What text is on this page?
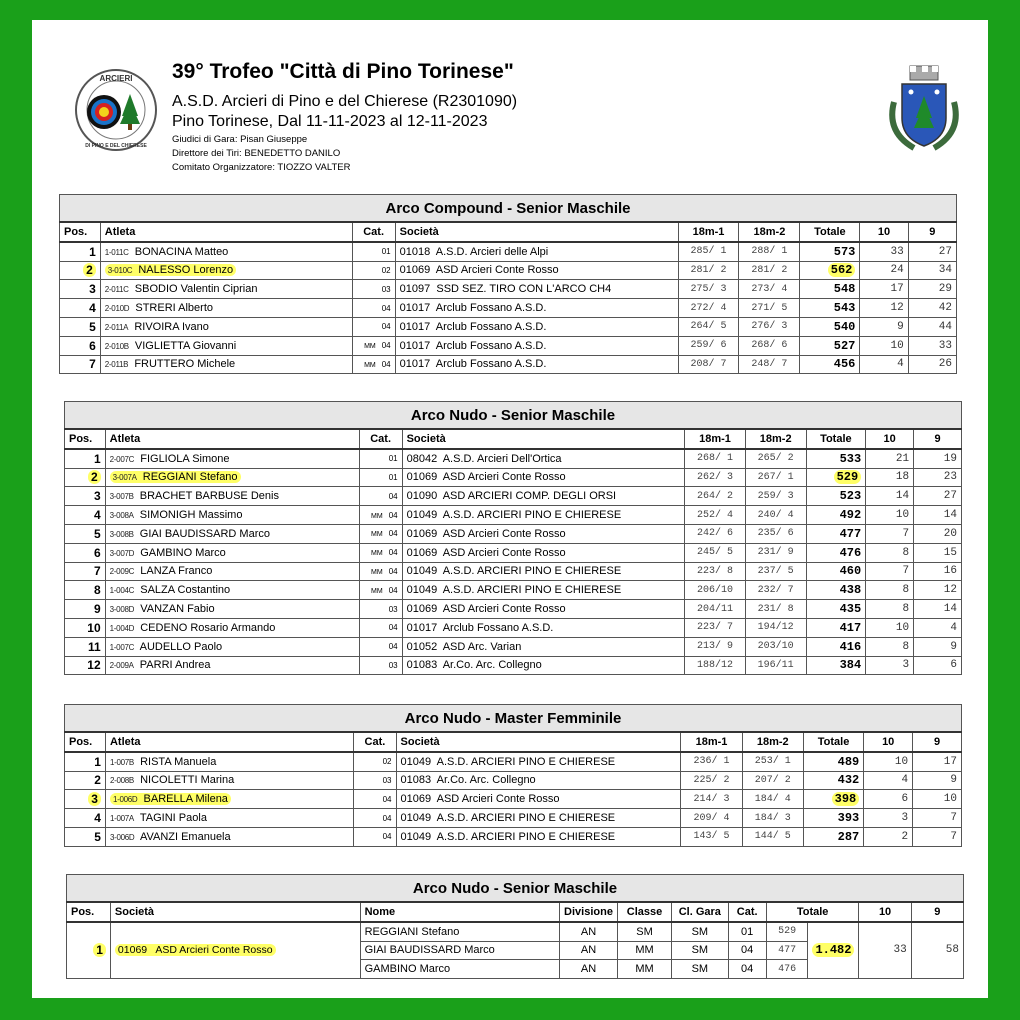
ARCIERI
DI PINO E DEL CHIERESE
39° Trofeo "Città di Pino Torinese"
A.S.D. Arcieri di Pino e del Chierese (R2301090)
Pino Torinese, Dal 11-11-2023 al 12-11-2023
Giudici di Gara: Pisan Giuseppe
Direttore dei Tiri: BENEDETTO DANILO
Comitato Organizzatore: TIOZZO VALTER
Arco Compound - Senior Maschile								
Pos.	Atleta	Cat.	Società	18m-1	18m-2	Totale	10	9
1	1-011C BONACINA Matteo	01	01018 A.S.D. Arcieri delle Alpi	285/ 1	288/ 1	573	33	27
2	3-010C NALESSO Lorenzo	02	01069 ASD Arcieri Conte Rosso	281/ 2	281/ 2	562	24	34
3	2-011C SBODIO Valentin Ciprian	03	01097 SSD SEZ. TIRO CON L'ARCO CH4	275/ 3	273/ 4	548	17	29
4	2-010D STRERI Alberto	04	01017 Arclub Fossano A.S.D.	272/ 4	271/ 5	543	12	42
5	2-011A RIVOIRA Ivano	04	01017 Arclub Fossano A.S.D.	264/ 5	276/ 3	540	9	44
6	2-010B VIGLIETTA Giovanni	MM 04	01017 Arclub Fossano A.S.D.	259/ 6	268/ 6	527	10	33
7	2-011B FRUTTERO Michele	MM 04	01017 Arclub Fossano A.S.D.	208/ 7	248/ 7	456	4	26
Arco Nudo - Senior Maschile								
Pos.	Atleta	Cat.	Società	18m-1	18m-2	Totale	10	9
1	2-007C FIGLIOLA Simone	01	08042 A.S.D. Arcieri Dell'Ortica	268/ 1	265/ 2	533	21	19
2	3-007A REGGIANI Stefano	01	01069 ASD Arcieri Conte Rosso	262/ 3	267/ 1	529	18	23
3	3-007B BRACHET BARBUSE Denis	04	01090 ASD ARCIERI COMP. DEGLI ORSI	264/ 2	259/ 3	523	14	27
4	3-008A SIMONIGH Massimo	MM 04	01049 A.S.D. ARCIERI PINO E CHIERESE	252/ 4	240/ 4	492	10	14
5	3-008B GIAI BAUDISSARD Marco	MM 04	01069 ASD Arcieri Conte Rosso	242/ 6	235/ 6	477	7	20
6	3-007D GAMBINO Marco	MM 04	01069 ASD Arcieri Conte Rosso	245/ 5	231/ 9	476	8	15
7	2-009C LANZA Franco	MM 04	01049 A.S.D. ARCIERI PINO E CHIERESE	223/ 8	237/ 5	460	7	16
8	1-004C SALZA Costantino	MM 04	01049 A.S.D. ARCIERI PINO E CHIERESE	206/10	232/ 7	438	8	12
9	3-008D VANZAN Fabio	03	01069 ASD Arcieri Conte Rosso	204/11	231/ 8	435	8	14
10	1-004D CEDENO Rosario Armando	04	01017 Arclub Fossano A.S.D.	223/ 7	194/12	417	10	4
11	1-007C AUDELLO Paolo	04	01052 ASD Arc. Varian	213/ 9	203/10	416	8	9
12	2-009A PARRI Andrea	03	01083 Ar.Co. Arc. Collegno	188/12	196/11	384	3	6
Arco Nudo - Master Femminile								
Pos.	Atleta	Cat.	Società	18m-1	18m-2	Totale	10	9
1	1-007B RISTA Manuela	02	01049 A.S.D. ARCIERI PINO E CHIERESE	236/ 1	253/ 1	489	10	17
2	2-008B NICOLETTI Marina	03	01083 Ar.Co. Arc. Collegno	225/ 2	207/ 2	432	4	9
3	1-006D BARELLA Milena	04	01069 ASD Arcieri Conte Rosso	214/ 3	184/ 4	398	6	10
4	1-007A TAGINI Paola	04	01049 A.S.D. ARCIERI PINO E CHIERESE	209/ 4	184/ 3	393	3	7
5	3-006D AVANZI Emanuela	04	01049 A.S.D. ARCIERI PINO E CHIERESE	143/ 5	144/ 5	287	2	7
Arco Nudo - Senior Maschile										
Pos.	Società	Nome	Divisione	Classe	Cl. Gara	Cat.	Totale		10	9
1	01069 ASD Arcieri Conte Rosso	REGGIANI Stefano	AN	SM	SM	01	529	1.482	33	58
		GIAI BAUDISSARD Marco	AN	MM	SM	04	477			
		GAMBINO Marco	AN	MM	SM	04	476			
